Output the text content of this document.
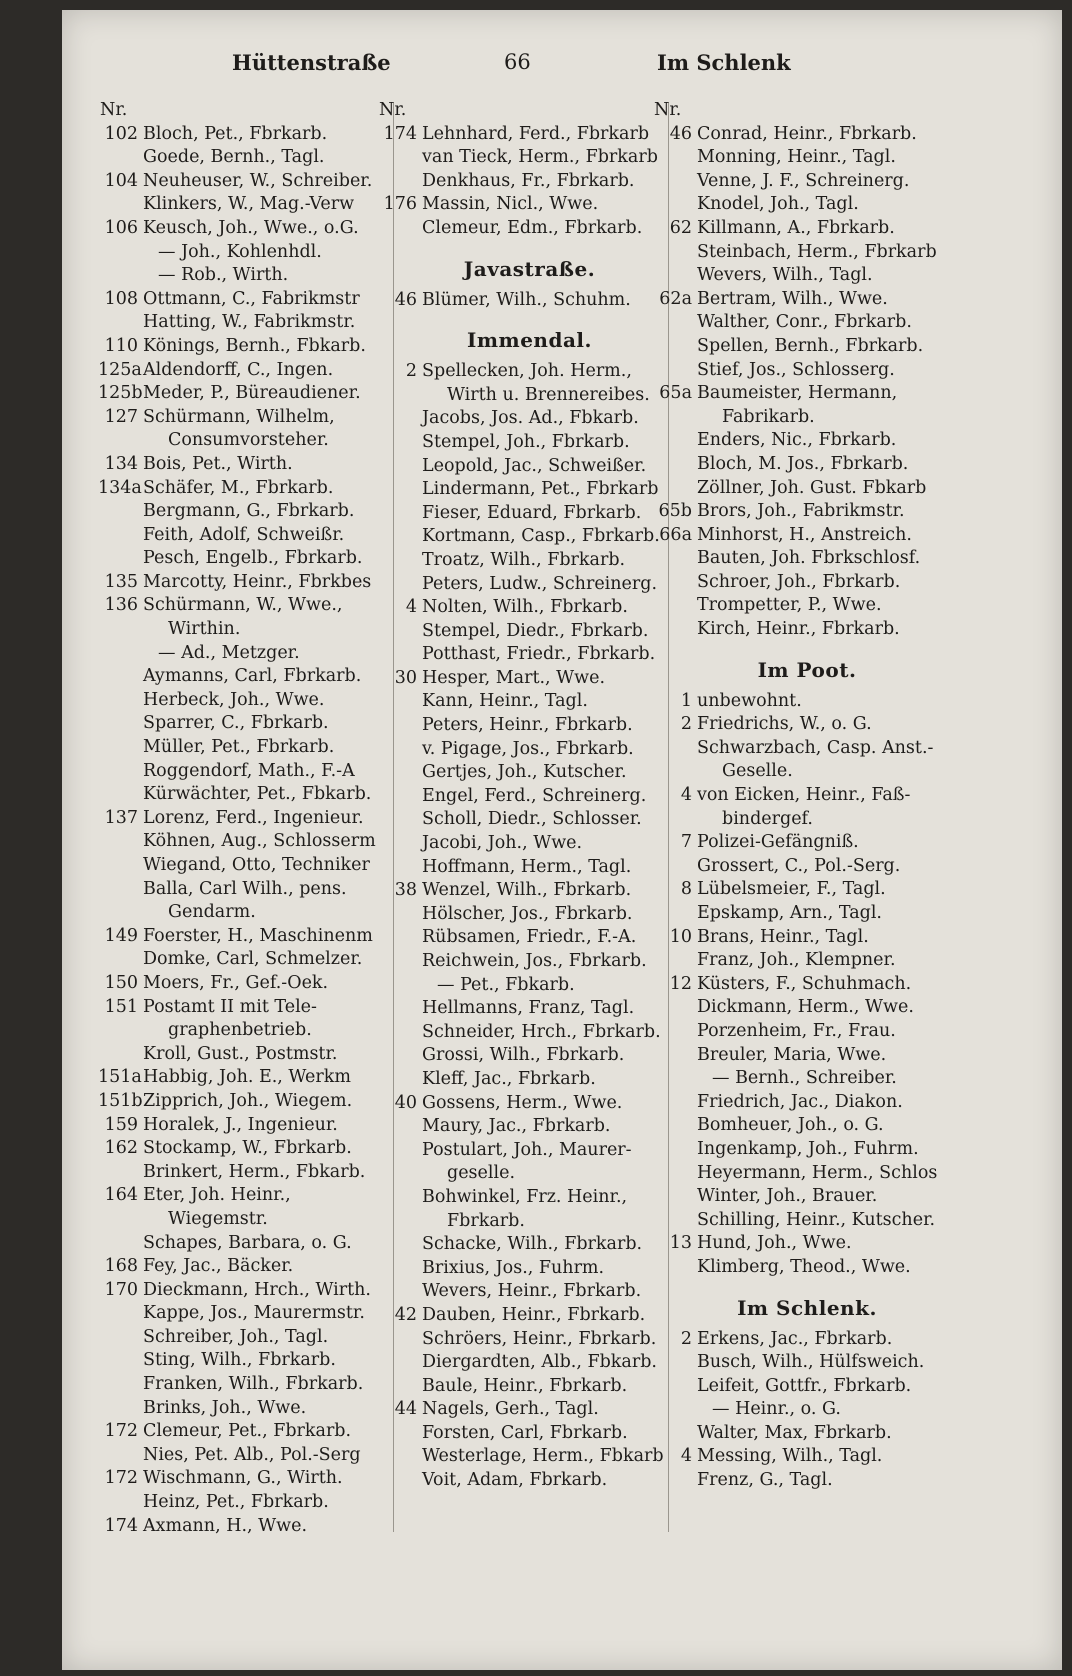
Hüttenstraße	66	Im Schlenk
Nr.
102 Bloch, Pet., Fbrkarb.
Goede, Bernh., Tagl.
104 Neuheuser, W., Schreiber.
Klinkers, W., Mag.-Verw
106 Keusch, Joh., Wwe., o.G.
— Joh., Kohlenhdl.
— Rob., Wirth.
108 Ottmann, C., Fabrikmstr
Hatting, W., Fabrikmstr.
110 Könings, Bernh., Fbkarb.
125a Aldendorff, C., Ingen.
125b Meder, P., Büreaudiener.
127 Schürmann, Wilhelm,
Consumvorsteher.
134 Bois, Pet., Wirth.
134a Schäfer, M., Fbrkarb.
Bergmann, G., Fbrkarb.
Feith, Adolf, Schweißr.
Pesch, Engelb., Fbrkarb.
135 Marcotty, Heinr., Fbrkbes
136 Schürmann, W., Wwe.,
Wirthin.
— Ad., Metzger.
Aymanns, Carl, Fbrkarb.
Herbeck, Joh., Wwe.
Sparrer, C., Fbrkarb.
Müller, Pet., Fbrkarb.
Roggendorf, Math., F.-A
Kürwächter, Pet., Fbkarb.
137 Lorenz, Ferd., Ingenieur.
Köhnen, Aug., Schlosserm
Wiegand, Otto, Techniker
Balla, Carl Wilh., pens.
Gendarm.
149 Foerster, H., Maschinenm
Domke, Carl, Schmelzer.
150 Moers, Fr., Gef.-Oek.
151 Postamt II mit Tele-
graphenbetrieb.
Kroll, Gust., Postmstr.
151a Habbig, Joh. E., Werkm
151b Zipprich, Joh., Wiegem.
159 Horalek, J., Ingenieur.
162 Stockamp, W., Fbrkarb.
Brinkert, Herm., Fbkarb.
164 Eter, Joh. Heinr.,
Wiegemstr.
Schapes, Barbara, o. G.
168 Fey, Jac., Bäcker.
170 Dieckmann, Hrch., Wirth.
Kappe, Jos., Maurermstr.
Schreiber, Joh., Tagl.
Sting, Wilh., Fbrkarb.
Franken, Wilh., Fbrkarb.
Brinks, Joh., Wwe.
172 Clemeur, Pet., Fbrkarb.
Nies, Pet. Alb., Pol.-Serg
172 Wischmann, G., Wirth.
Heinz, Pet., Fbrkarb.
174 Axmann, H., Wwe.
Nr.
174 Lehnhard, Ferd., Fbrkarb
van Tieck, Herm., Fbrkarb
Denkhaus, Fr., Fbrkarb.
176 Massin, Nicl., Wwe.
Clemeur, Edm., Fbrkarb.
Javastraße.
46 Blümer, Wilh., Schuhm.
Immendal.
2 Spellecken, Joh. Herm.,
Wirth u. Brennereibes.
Jacobs, Jos. Ad., Fbkarb.
Stempel, Joh., Fbrkarb.
Leopold, Jac., Schweißer.
Lindermann, Pet., Fbrkarb
Fieser, Eduard, Fbrkarb.
Kortmann, Casp., Fbrkarb.
Troatz, Wilh., Fbrkarb.
Peters, Ludw., Schreinerg.
4 Nolten, Wilh., Fbrkarb.
Stempel, Diedr., Fbrkarb.
Potthast, Friedr., Fbrkarb.
30 Hesper, Mart., Wwe.
Kann, Heinr., Tagl.
Peters, Heinr., Fbrkarb.
v. Pigage, Jos., Fbrkarb.
Gertjes, Joh., Kutscher.
Engel, Ferd., Schreinerg.
Scholl, Diedr., Schlosser.
Jacobi, Joh., Wwe.
Hoffmann, Herm., Tagl.
38 Wenzel, Wilh., Fbrkarb.
Hölscher, Jos., Fbrkarb.
Rübsamen, Friedr., F.-A.
Reichwein, Jos., Fbrkarb.
— Pet., Fbkarb.
Hellmanns, Franz, Tagl.
Schneider, Hrch., Fbrkarb.
Grossi, Wilh., Fbrkarb.
Kleff, Jac., Fbrkarb.
40 Gossens, Herm., Wwe.
Maury, Jac., Fbrkarb.
Postulart, Joh., Maurer-
geselle.
Bohwinkel, Frz. Heinr.,
Fbrkarb.
Schacke, Wilh., Fbrkarb.
Brixius, Jos., Fuhrm.
Wevers, Heinr., Fbrkarb.
42 Dauben, Heinr., Fbrkarb.
Schröers, Heinr., Fbrkarb.
Diergardten, Alb., Fbkarb.
Baule, Heinr., Fbrkarb.
44 Nagels, Gerh., Tagl.
Forsten, Carl, Fbrkarb.
Westerlage, Herm., Fbkarb
Voit, Adam, Fbrkarb.
Nr.
46 Conrad, Heinr., Fbrkarb.
Monning, Heinr., Tagl.
Venne, J. F., Schreinerg.
Knodel, Joh., Tagl.
62 Killmann, A., Fbrkarb.
Steinbach, Herm., Fbrkarb
Wevers, Wilh., Tagl.
62a Bertram, Wilh., Wwe.
Walther, Conr., Fbrkarb.
Spellen, Bernh., Fbrkarb.
Stief, Jos., Schlosserg.
65a Baumeister, Hermann,
Fabrikarb.
Enders, Nic., Fbrkarb.
Bloch, M. Jos., Fbrkarb.
Zöllner, Joh. Gust. Fbkarb
65b Brors, Joh., Fabrikmstr.
66a Minhorst, H., Anstreich.
Bauten, Joh. Fbrkschlosf.
Schroer, Joh., Fbrkarb.
Trompetter, P., Wwe.
Kirch, Heinr., Fbrkarb.
Im Poot.
1 unbewohnt.
2 Friedrichs, W., o. G.
Schwarzbach, Casp. Anst.-
Geselle.
4 von Eicken, Heinr., Faß-
bindergef.
7 Polizei-Gefängniß.
Grossert, C., Pol.-Serg.
8 Lübelsmeier, F., Tagl.
Epskamp, Arn., Tagl.
10 Brans, Heinr., Tagl.
Franz, Joh., Klempner.
12 Küsters, F., Schuhmach.
Dickmann, Herm., Wwe.
Porzenheim, Fr., Frau.
Breuler, Maria, Wwe.
— Bernh., Schreiber.
Friedrich, Jac., Diakon.
Bomheuer, Joh., o. G.
Ingenkamp, Joh., Fuhrm.
Heyermann, Herm., Schlos
Winter, Joh., Brauer.
Schilling, Heinr., Kutscher.
13 Hund, Joh., Wwe.
Klimberg, Theod., Wwe.
Im Schlenk.
2 Erkens, Jac., Fbrkarb.
Busch, Wilh., Hülfsweich.
Leifeit, Gottfr., Fbrkarb.
— Heinr., o. G.
Walter, Max, Fbrkarb.
4 Messing, Wilh., Tagl.
Frenz, G., Tagl.
